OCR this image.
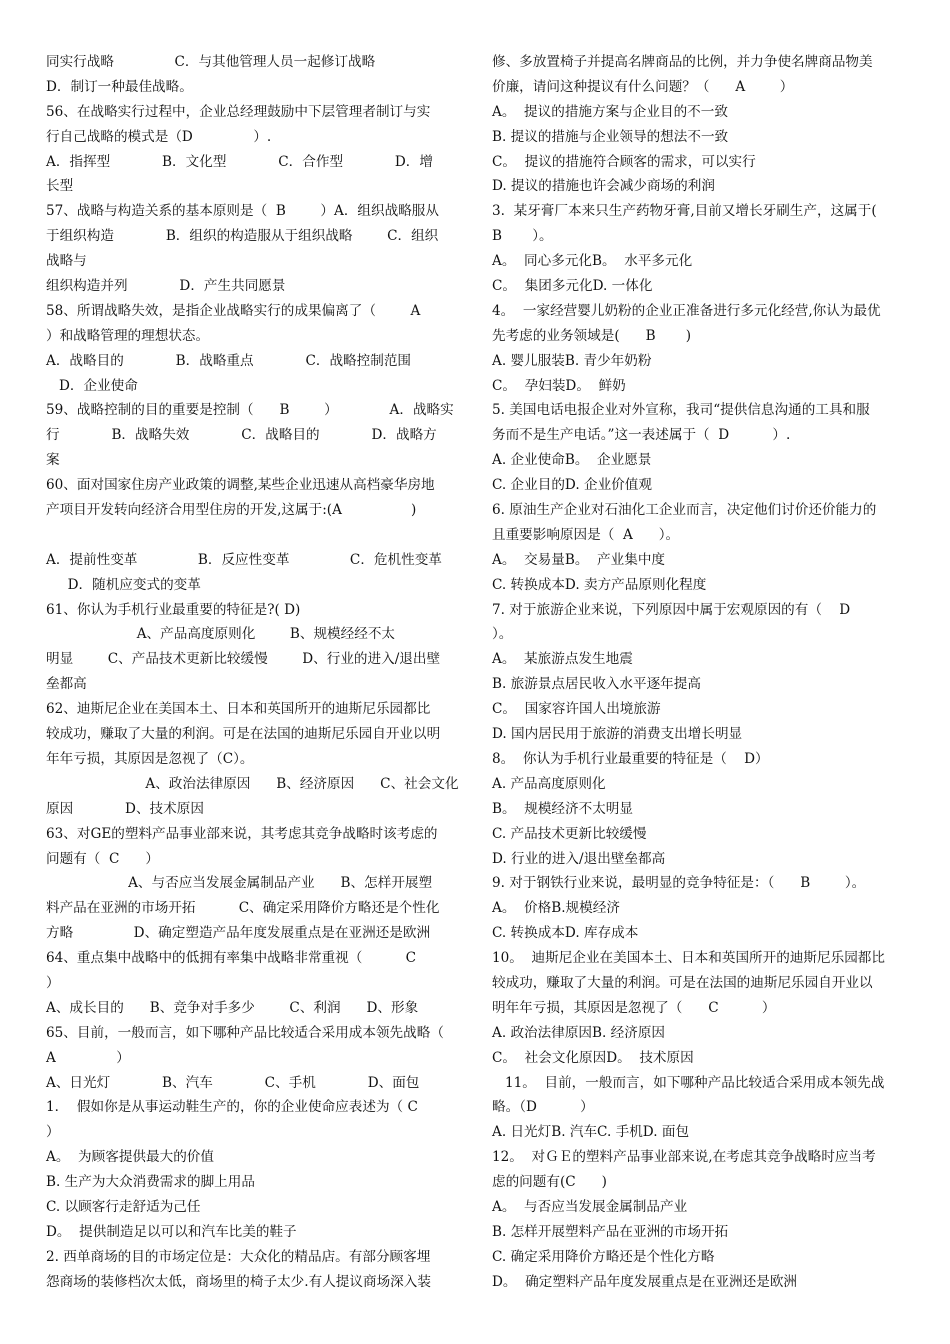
同实行战略              C．与其他管理人员一起修订战略
D．制订一种最佳战略。
56、在战略实行过程中，企业总经理鼓励中下层管理者制订与实
行自己战略的模式是（D              ）.
A．指挥型            B．文化型            C．合作型            D．增
长型
57、战略与构造关系的基本原则是（  B        ）A．组织战略服从
于组织构造            B．组织的构造服从于组织战略        C．组织
战略与
组织构造并列            D．产生共同愿景
58、所谓战略失效，是指企业战略实行的成果偏离了（        A
）和战略管理的理想状态。
A．战略目的            B．战略重点            C．战略控制范围
D．企业使命
59、战略控制的目的重要是控制（      B        ）            A．战略实
行            B．战略失效            C．战略目的            D．战略方
案
60、面对国家住房产业政策的调整,某些企业迅速从高档豪华房地
产项目开发转向经济合用型住房的开发,这属于:(A                )
A．提前性变革              B．反应性变革              C．危机性变革
D．随机应变式的变革
61、你认为手机行业最重要的特征是?( D)
A、产品高度原则化        B、规模经经不太
明显        C、产品技术更新比较缓慢        D、行业的进入/退出壁
垒都高
62、迪斯尼企业在美国本土、日本和英国所开的迪斯尼乐园都比
较成功，赚取了大量的利润。可是在法国的迪斯尼乐园自开业以明
年年亏损，其原因是忽视了（C）。
A、政治法律原因      B、经济原因      C、社会文化
原因            D、技术原因
63、对GE的塑料产品事业部来说，其考虑其竞争战略时该考虑的
问题有（  C      ）
A、与否应当发展金属制品产业      B、怎样开展塑
料产品在亚洲的市场开拓          C、确定采用降价方略还是个性化
方略              D、确定塑造产品年度发展重点是在亚洲还是欧洲
64、重点集中战略中的低拥有率集中战略非常重视（          C
）
A、成长目的      B、竞争对手多少        C、利润      D、形象
65、目前，一般而言，如下哪种产品比较适合采用成本领先战略（
A              ）
A、日光灯            B、汽车            C、手机            D、面包
1．  假如你是从事运动鞋生产的，你的企业使命应表述为（ C
）
A。  为顾客提供最大的价值
B. 生产为大众消费需求的脚上用品
C. 以顾客行走舒适为己任
D。  提供制造足以可以和汽车比美的鞋子
2. 西单商场的目的市场定位是：大众化的精品店。有部分顾客埋
怨商场的装修档次太低，商场里的椅子太少.有人提议商场深入装
修、多放置椅子并提高名牌商品的比例，并力争使名牌商品物美
价廉，请问这种提议有什么问题？（      A        ）
A。  提议的措施方案与企业目的不一致
B. 提议的措施与企业领导的想法不一致
C。  提议的措施符合顾客的需求，可以实行
D. 提议的措施也许会减少商场的利润
3.  某牙膏厂本来只生产药物牙膏,目前又增长牙刷生产，这属于(
B       ）。
A。  同心多元化B。  水平多元化
C。  集团多元化D. 一体化
4。  一家经营婴儿奶粉的企业正准备进行多元化经营,你认为最优
先考虑的业务领域是(      B       )
A. 婴儿服装B. 青少年奶粉
C。  孕妇装D。  鲜奶
5. 美国电话电报企业对外宣称，我司“提供信息沟通的工具和服
务而不是生产电话。”这一表述属于（  D          ）.
A. 企业使命B。  企业愿景
C. 企业目的D. 企业价值观
6. 原油生产企业对石油化工企业而言，决定他们讨价还价能力的
且重要影响原因是（  A      ）。
A。  交易量B。  产业集中度
C. 转换成本D. 卖方产品原则化程度
7. 对于旅游企业来说，下列原因中属于宏观原因的有（    D
）。
A。  某旅游点发生地震
B. 旅游景点居民收入水平逐年提高
C。  国家容许国人出境旅游
D. 国内居民用于旅游的消费支出增长明显
8。  你认为手机行业最重要的特征是（    D）
A. 产品高度原则化
B。  规模经济不太明显
C. 产品技术更新比较缓慢
D. 行业的进入/退出壁垒都高
9. 对于钢铁行业来说，最明显的竞争特征是：（      B        ）。
A。  价格B.规模经济
C. 转换成本D. 库存成本
10。  迪斯尼企业在美国本土、日本和英国所开的迪斯尼乐园都比
较成功，赚取了大量的利润。可是在法国的迪斯尼乐园自开业以
明年年亏损，其原因是忽视了（      C          ）
A. 政治法律原因B. 经济原因
C。  社会文化原因D。  技术原因
11。  目前，一般而言，如下哪种产品比较适合采用成本领先战
略。（D          ）
A. 日光灯B. 汽车C. 手机D. 面包
12。  对ＧＥ的塑料产品事业部来说,在考虑其竞争战略时应当考
虑的问题有(C      )
A。  与否应当发展金属制品产业
B. 怎样开展塑料产品在亚洲的市场开拓
C. 确定采用降价方略还是个性化方略
D。  确定塑料产品年度发展重点是在亚洲还是欧洲
